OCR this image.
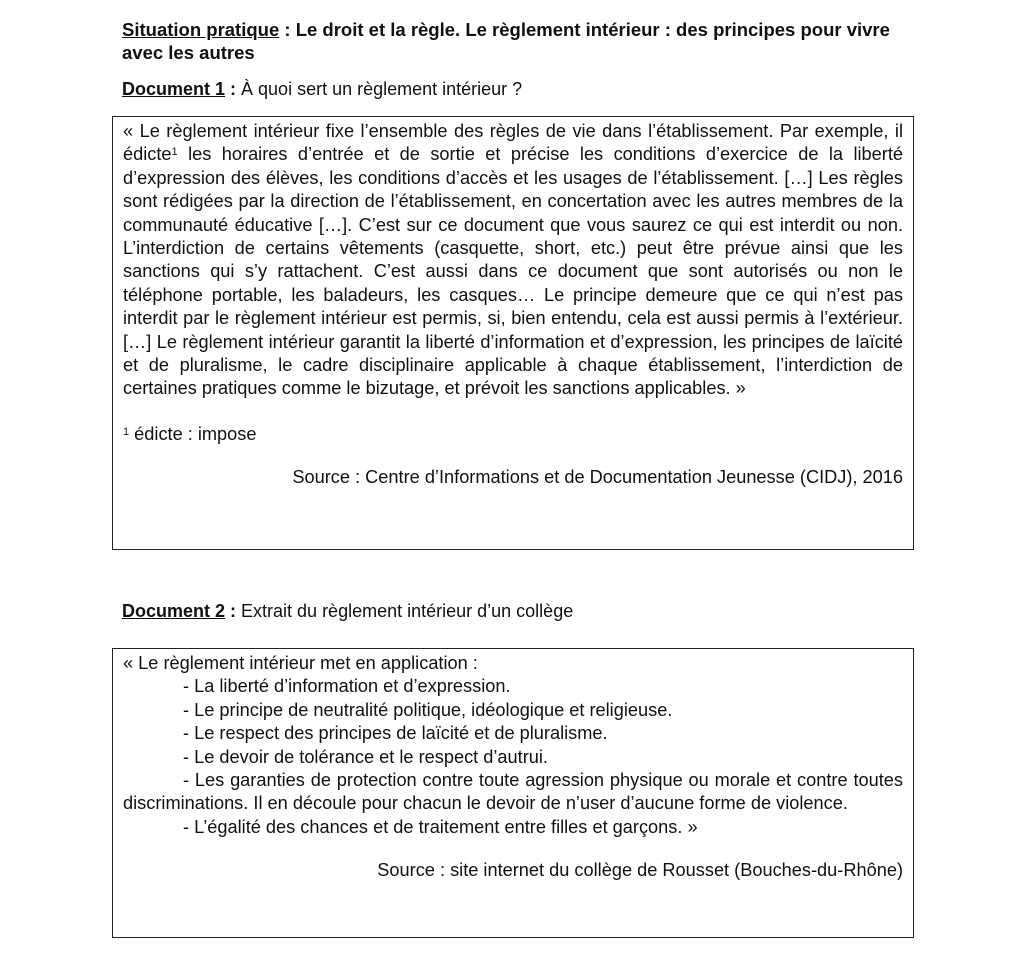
Situation pratique : Le droit et la règle. Le règlement intérieur : des principes pour vivre avec les autres
Document 1 : À quoi sert un règlement intérieur ?

« Le règlement intérieur fixe l’ensemble des règles de vie dans l’établissement. Par exemple, il édicte$^1$ les horaires d’entrée et de sortie et précise les conditions d’exercice de la liberté d’expression des élèves, les conditions d’accès et les usages de l’établissement. […] Les règles sont rédigées par la direction de l’établissement, en concertation avec les autres membres de la communauté éducative […]. C’est sur ce document que vous saurez ce qui est interdit ou non. L’interdiction de certains vêtements (casquette, short, etc.) peut être prévue ainsi que les sanctions qui s’y rattachent. C’est aussi dans ce document que sont autorisés ou non le téléphone portable, les baladeurs, les casques… Le principe demeure que ce qui n’est pas interdit par le règlement intérieur est permis, si, bien entendu, cela est aussi permis à l’extérieur. […] Le règlement intérieur garantit la liberté d’information et d’expression, les principes de laïcité et de pluralisme, le cadre disciplinaire applicable à chaque établissement, l’interdiction de certaines pratiques comme le bizutage, et prévoit les sanctions applicables. »

$^1$ édicte : impose

Source : Centre d’Informations et de Documentation Jeunesse (CIDJ), 2016

Document 2 : Extrait du règlement intérieur d’un collège

« Le règlement intérieur met en application :

- La liberté d’information et d’expression.

- Le principe de neutralité politique, idéologique et religieuse.

- Le respect des principes de laïcité et de pluralisme.

- Le devoir de tolérance et le respect d’autrui.

- Les garanties de protection contre toute agression physique ou morale et contre toutes discriminations. Il en découle pour chacun le devoir de n’user d’aucune forme de violence.

- L’égalité des chances et de traitement entre filles et garçons. »

Source : site internet du collège de Rousset (Bouches-du-Rhône)
